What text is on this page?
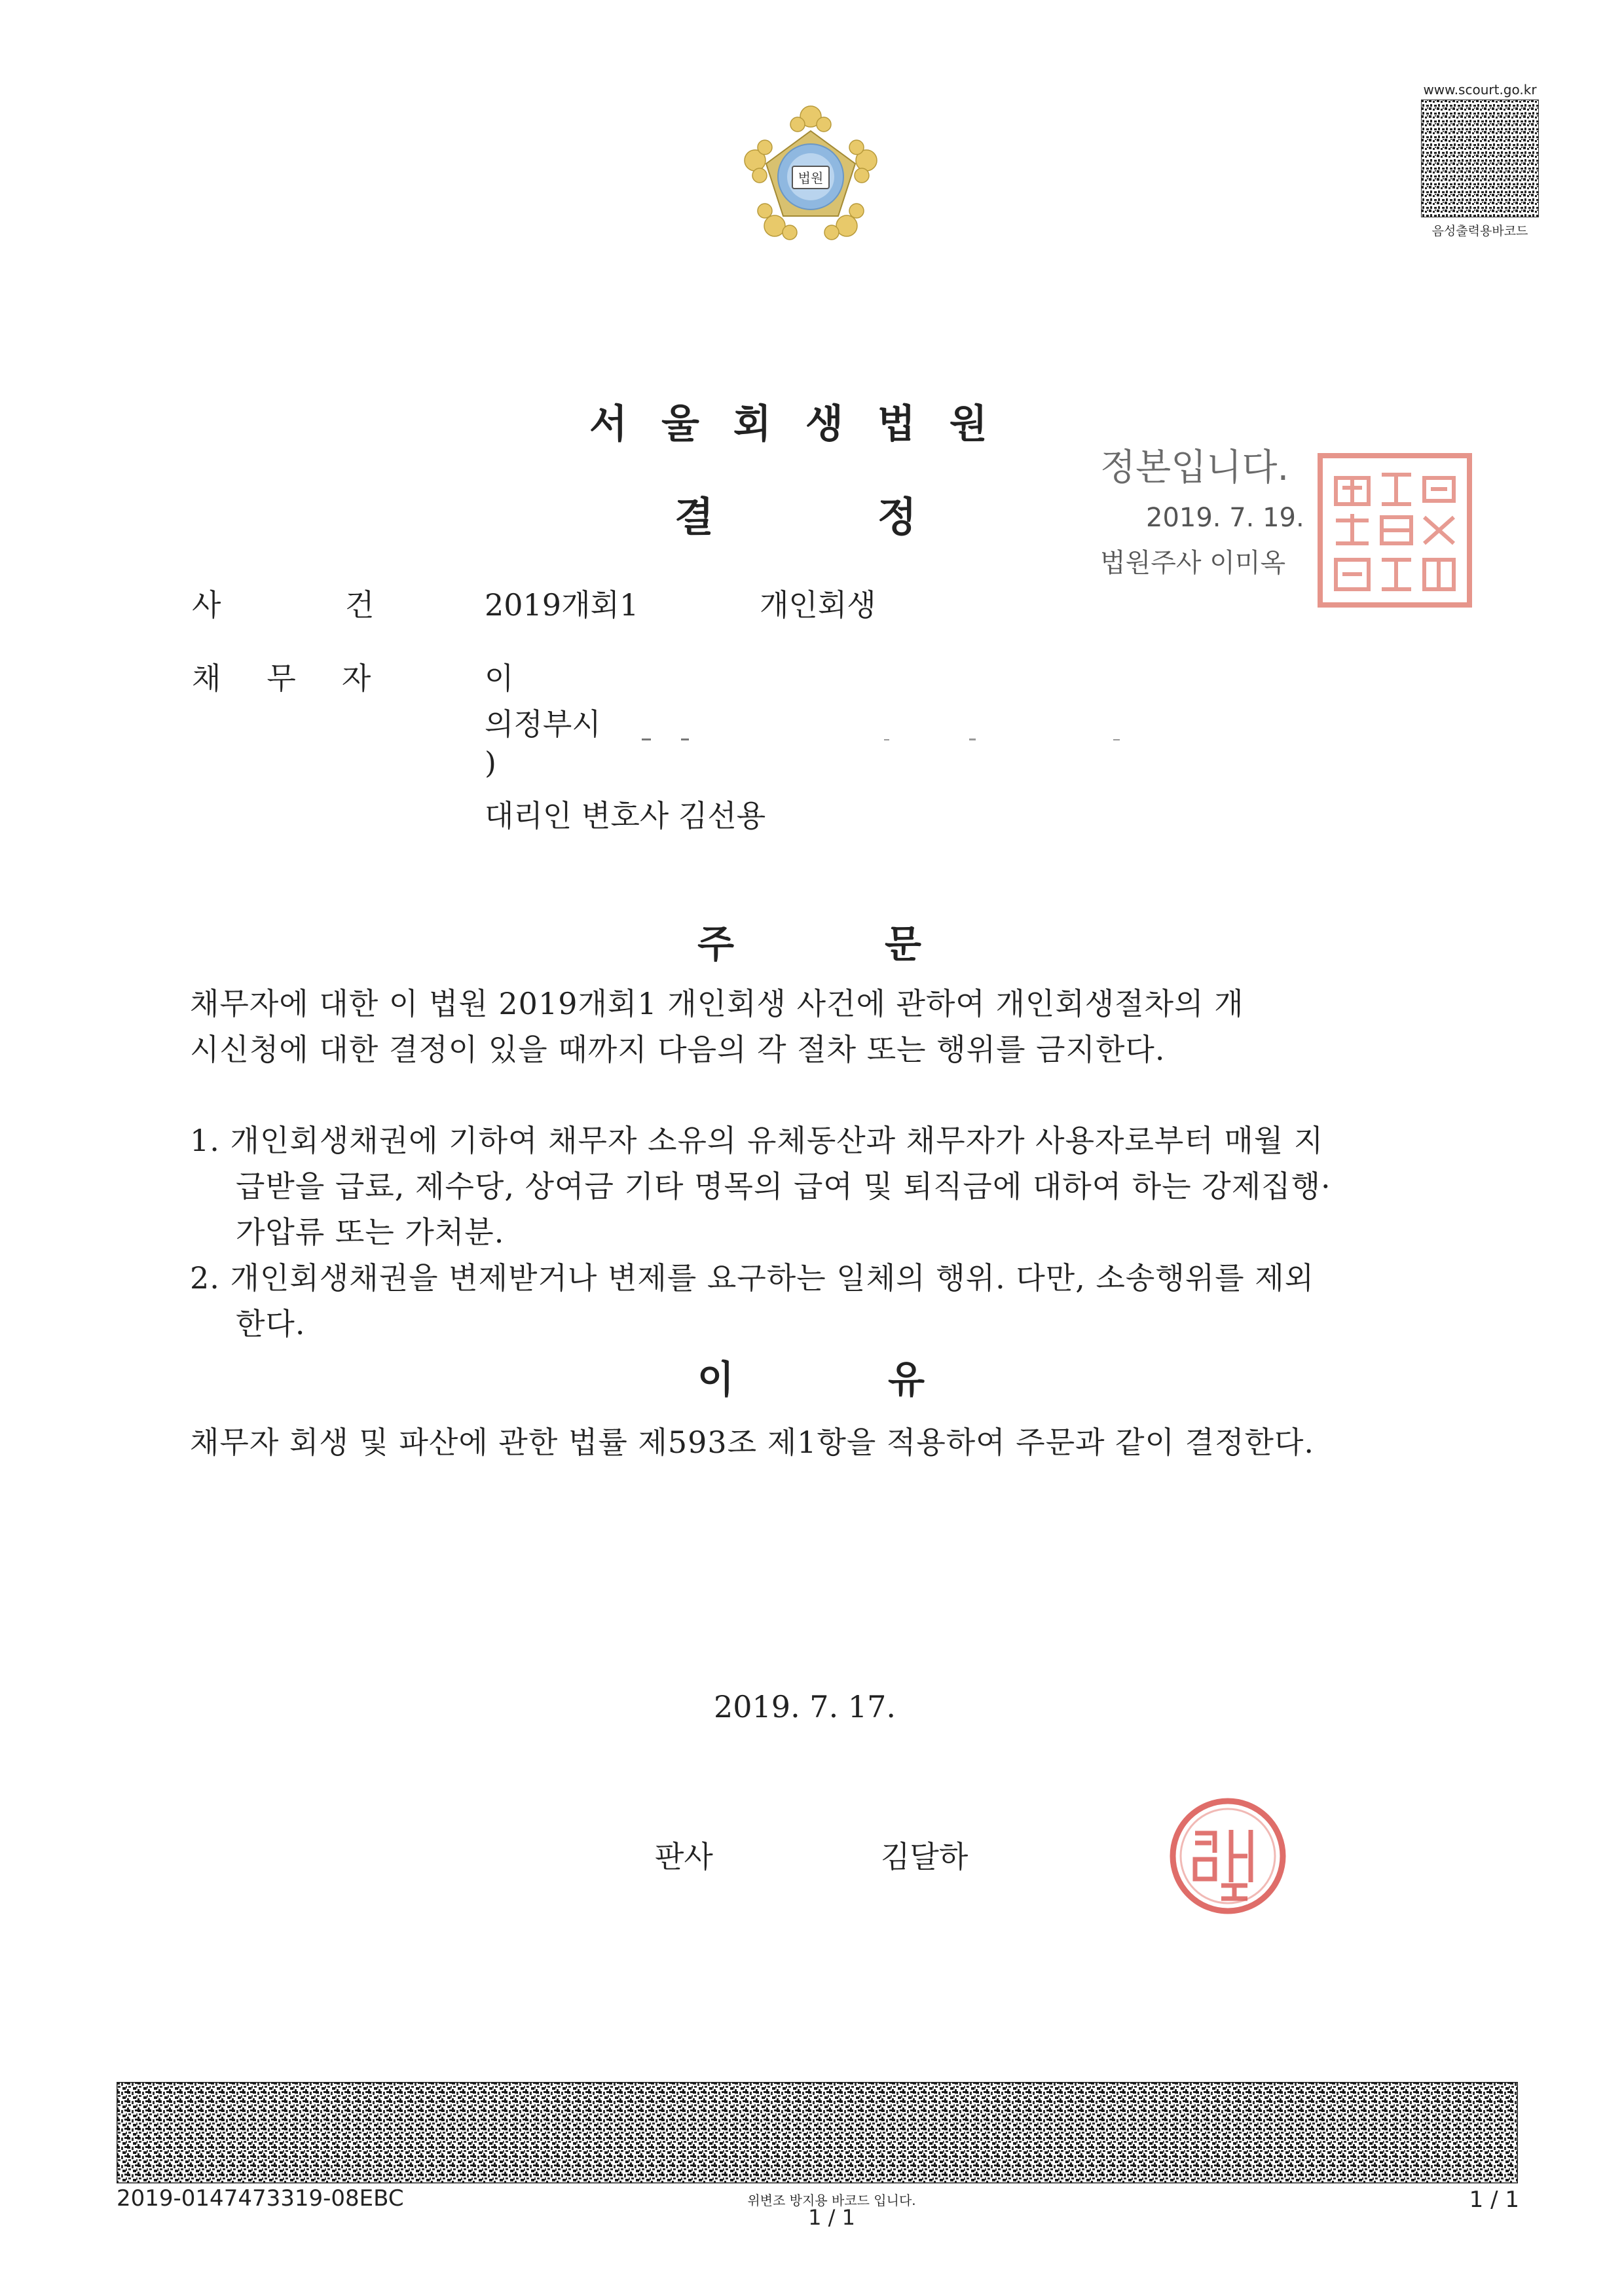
법원
www.scourt.go.kr
음성출력용바코드
서울회생법원
결	정
정본입니다.
2019. 7. 19.
법원주사 이미옥
사	건	2019개회1	개인회생
채무자 이
의정부시
)
대리인 변호사 김선용
주	문
채무자에 대한 이 법원 2019개회1 개인회생 사건에 관하여 개인회생절차의 개
시신청에 대한 결정이 있을 때까지 다음의 각 절차 또는 행위를 금지한다.
1. 개인회생채권에 기하여 채무자 소유의 유체동산과 채무자가 사용자로부터 매월 지
급받을 급료, 제수당, 상여금 기타 명목의 급여 및 퇴직금에 대하여 하는 강제집행·
가압류 또는 가처분.
2. 개인회생채권을 변제받거나 변제를 요구하는 일체의 행위. 다만, 소송행위를 제외
한다.
이	유
채무자 회생 및 파산에 관한 법률 제593조 제1항을 적용하여 주문과 같이 결정한다.
2019. 7. 17.
판사	김달하
2019-0147473319-08EBC	위변조 방지용 바코드 입니다.
1 / 1
1 / 1
